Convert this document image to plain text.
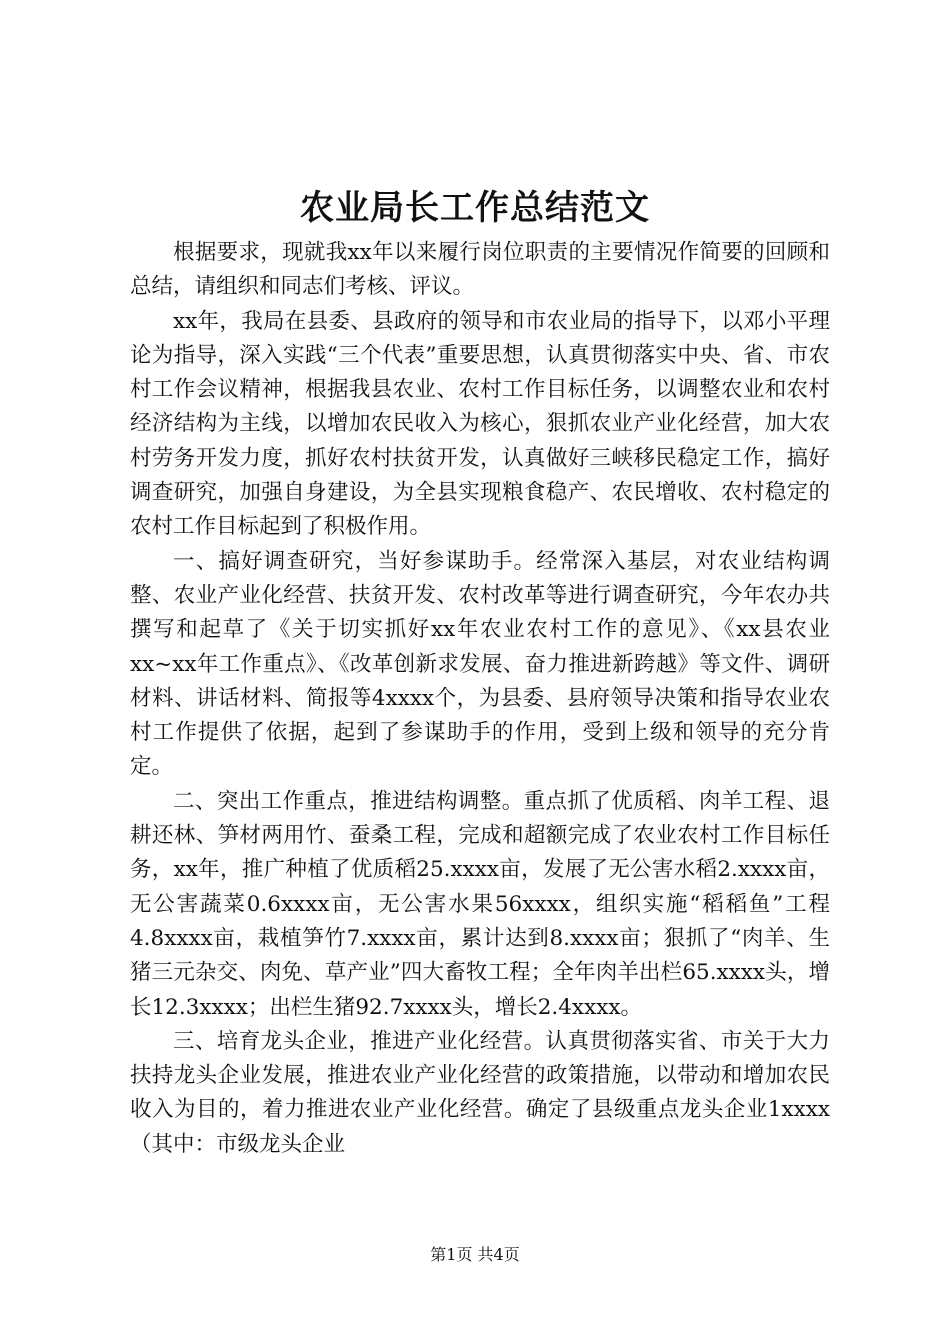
农业局长工作总结范文

根据要求，现就我xx年以来履行岗位职责的主要情况作简要的回顾和总结，请组织和同志们考核、评议。

xx年，我局在县委、县政府的领导和市农业局的指导下，以邓小平理论为指导，深入实践“三个代表”重要思想，认真贯彻落实中央、省、市农村工作会议精神，根据我县农业、农村工作目标任务，以调整农业和农村经济结构为主线，以增加农民收入为核心，狠抓农业产业化经营，加大农村劳务开发力度，抓好农村扶贫开发，认真做好三峡移民稳定工作，搞好调查研究，加强自身建设，为全县实现粮食稳产、农民增收、农村稳定的农村工作目标起到了积极作用。

一、搞好调查研究，当好参谋助手。经常深入基层，对农业结构调整、农业产业化经营、扶贫开发、农村改革等进行调查研究，今年农办共撰写和起草了《关于切实抓好xx年农业农村工作的意见》、《xx县农业xx~xx年工作重点》、《改革创新求发展、奋力推进新跨越》等文件、调研材料、讲话材料、简报等4xxxx个，为县委、县府领导决策和指导农业农村工作提供了依据，起到了参谋助手的作用，受到上级和领导的充分肯定。

二、突出工作重点，推进结构调整。重点抓了优质稻、肉羊工程、退耕还林、笋材两用竹、蚕桑工程，完成和超额完成了农业农村工作目标任务，xx年，推广种植了优质稻25.xxxx亩，发展了无公害水稻2.xxxx亩，无公害蔬菜0.6xxxx亩，无公害水果56xxxx，组织实施“稻稻鱼”工程4.8xxxx亩，栽植笋竹7.xxxx亩，累计达到8.xxxx亩；狠抓了“肉羊、生猪三元杂交、肉免、草产业”四大畜牧工程；全年肉羊出栏65.xxxx头，增长12.3xxxx；出栏生猪92.7xxxx头，增长2.4xxxx。

三、培育龙头企业，推进产业化经营。认真贯彻落实省、市关于大力扶持龙头企业发展，推进农业产业化经营的政策措施，以带动和增加农民收入为目的，着力推进农业产业化经营。确定了县级重点龙头企业1xxxx（其中：市级龙头企业

第1页 共4页
